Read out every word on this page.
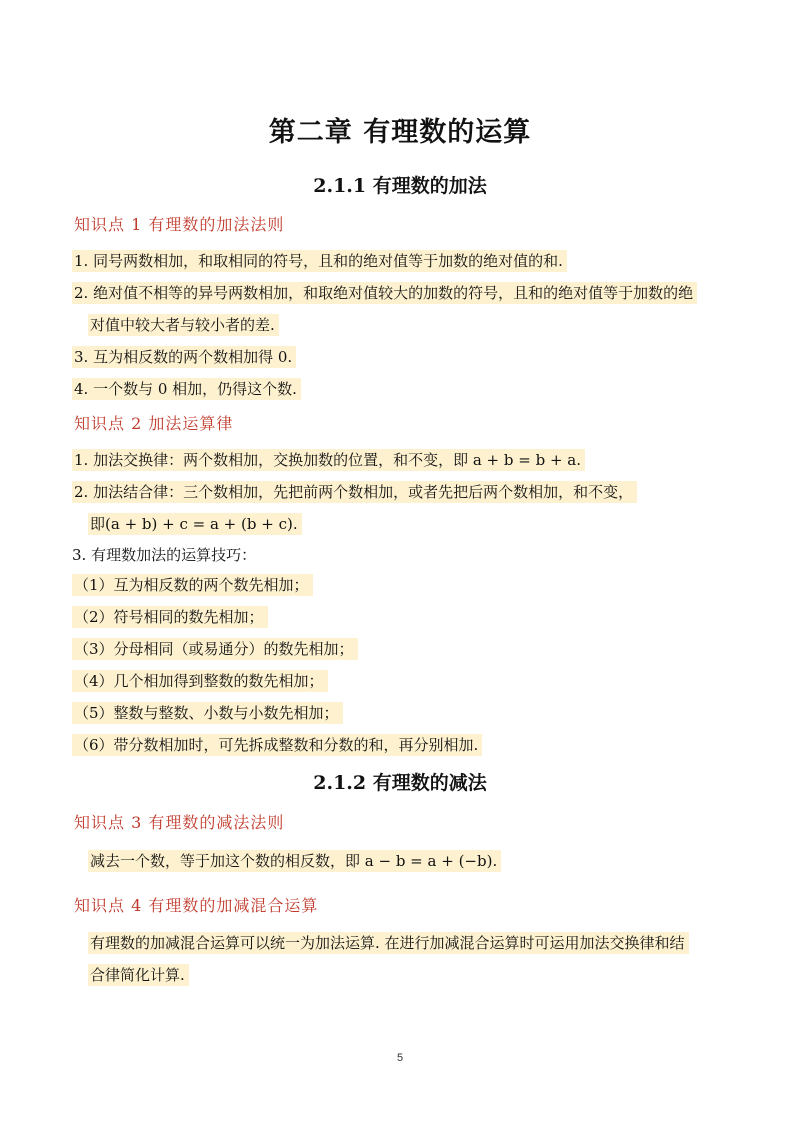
第二章 有理数的运算
2.1.1 有理数的加法
知识点 1 有理数的加法法则
1. 同号两数相加，和取相同的符号，且和的绝对值等于加数的绝对值的和.
2. 绝对值不相等的异号两数相加，和取绝对值较大的加数的符号，且和的绝对值等于加数的绝
对值中较大者与较小者的差.
3. 互为相反数的两个数相加得 0.
4. 一个数与 0 相加，仍得这个数.
知识点 2 加法运算律
1. 加法交换律：两个数相加，交换加数的位置，和不变，即 a + b = b + a.
2. 加法结合律：三个数相加，先把前两个数相加，或者先把后两个数相加，和不变，
即(a + b) + c = a + (b + c).
3. 有理数加法的运算技巧：
（1）互为相反数的两个数先相加；
（2）符号相同的数先相加；
（3）分母相同（或易通分）的数先相加；
（4）几个相加得到整数的数先相加；
（5）整数与整数、小数与小数先相加；
（6）带分数相加时，可先拆成整数和分数的和，再分别相加.
2.1.2 有理数的减法
知识点 3 有理数的减法法则
减去一个数，等于加这个数的相反数，即 a − b = a + (−b).
知识点 4 有理数的加减混合运算
有理数的加减混合运算可以统一为加法运算. 在进行加减混合运算时可运用加法交换律和结
合律简化计算.
5
